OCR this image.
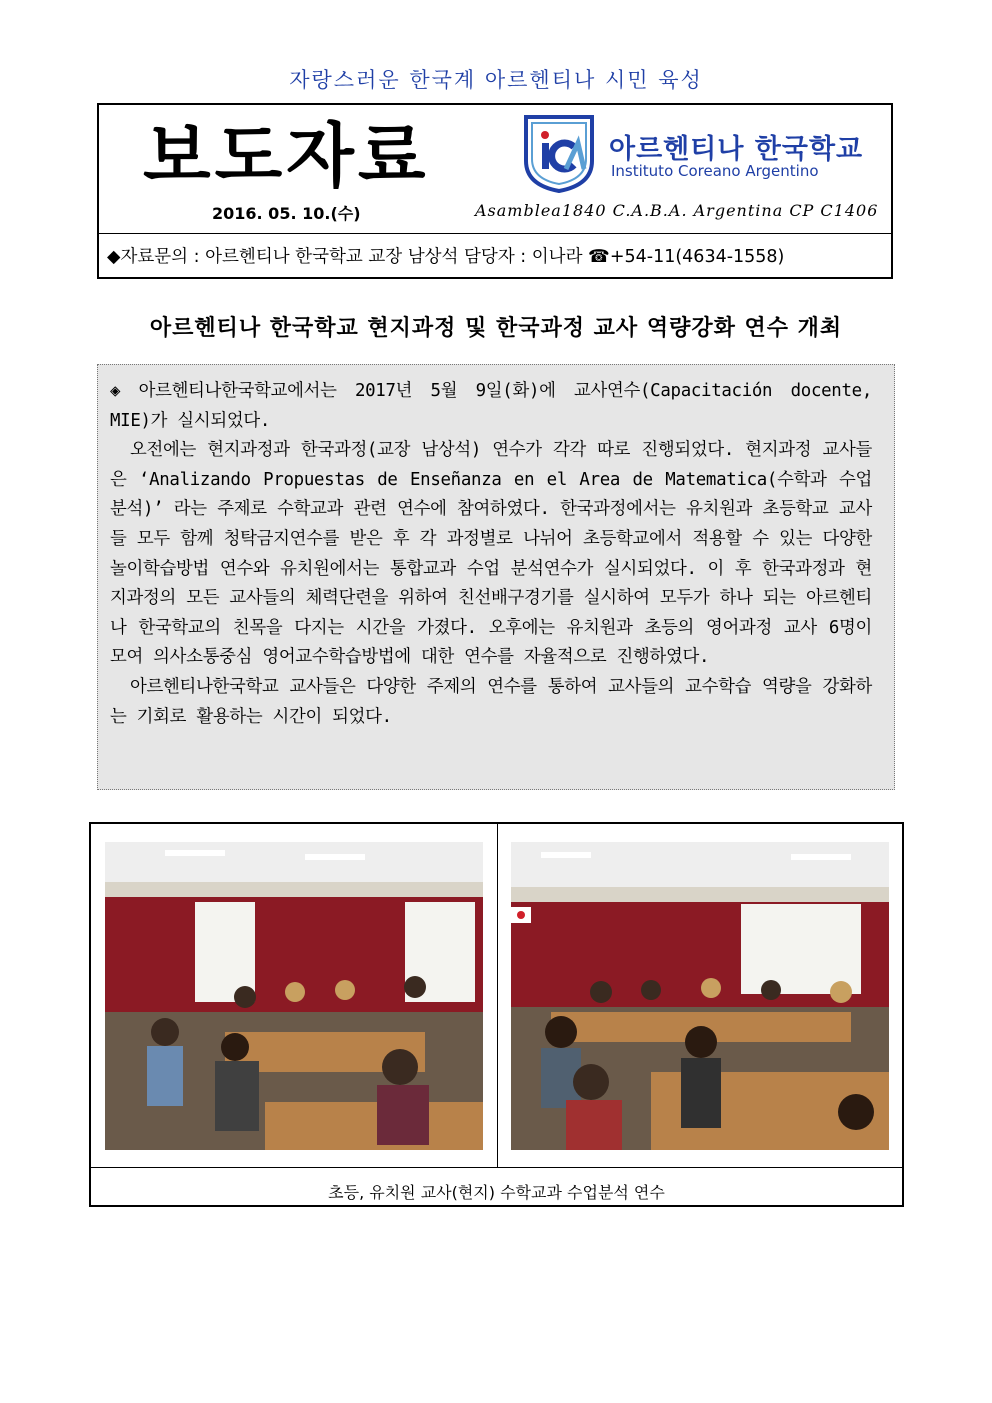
자랑스러운 한국계 아르헨티나 시민 육성
보도자료
2016. 05. 10.(수)
아르헨티나 한국학교
Instituto Coreano Argentino
Asamblea1840 C.A.B.A. Argentina CP C1406
◆자료문의 : 아르헨티나 한국학교 교장 남상석 담당자 : 이나라 ☎+54-11(4634-1558)
아르헨티나 한국학교 현지과정 및 한국과정 교사 역량강화 연수 개최

◈ 아르헨티나한국학교에서는 2017년 5월 9일(화)에 교사연수(Capacitación docente, MIE)가 실시되었다.

오전에는 현지과정과 한국과정(교장 남상석) 연수가 각각 따로 진행되었다. 현지과정 교사들은 ‘Analizando Propuestas de Enseñanza en el Area de Matematica(수학과 수업 분석)’ 라는 주제로 수학교과 관련 연수에 참여하였다. 한국과정에서는 유치원과 초등학교 교사들 모두 함께 청탁금지연수를 받은 후 각 과정별로 나뉘어 초등학교에서 적용할 수 있는 다양한 놀이학습방법 연수와 유치원에서는 통합교과 수업 분석연수가 실시되었다. 이 후 한국과정과 현지과정의 모든 교사들의 체력단련을 위하여 친선배구경기를 실시하여 모두가 하나 되는 아르헨티나 한국학교의 친목을 다지는 시간을 가졌다. 오후에는 유치원과 초등의 영어과정 교사 6명이 모여 의사소통중심 영어교수학습방법에 대한 연수를 자율적으로 진행하였다.

아르헨티나한국학교 교사들은 다양한 주제의 연수를 통하여 교사들의 교수학습 역량을 강화하는 기회로 활용하는 시간이 되었다.

초등, 유치원 교사(현지) 수학교과 수업분석 연수
